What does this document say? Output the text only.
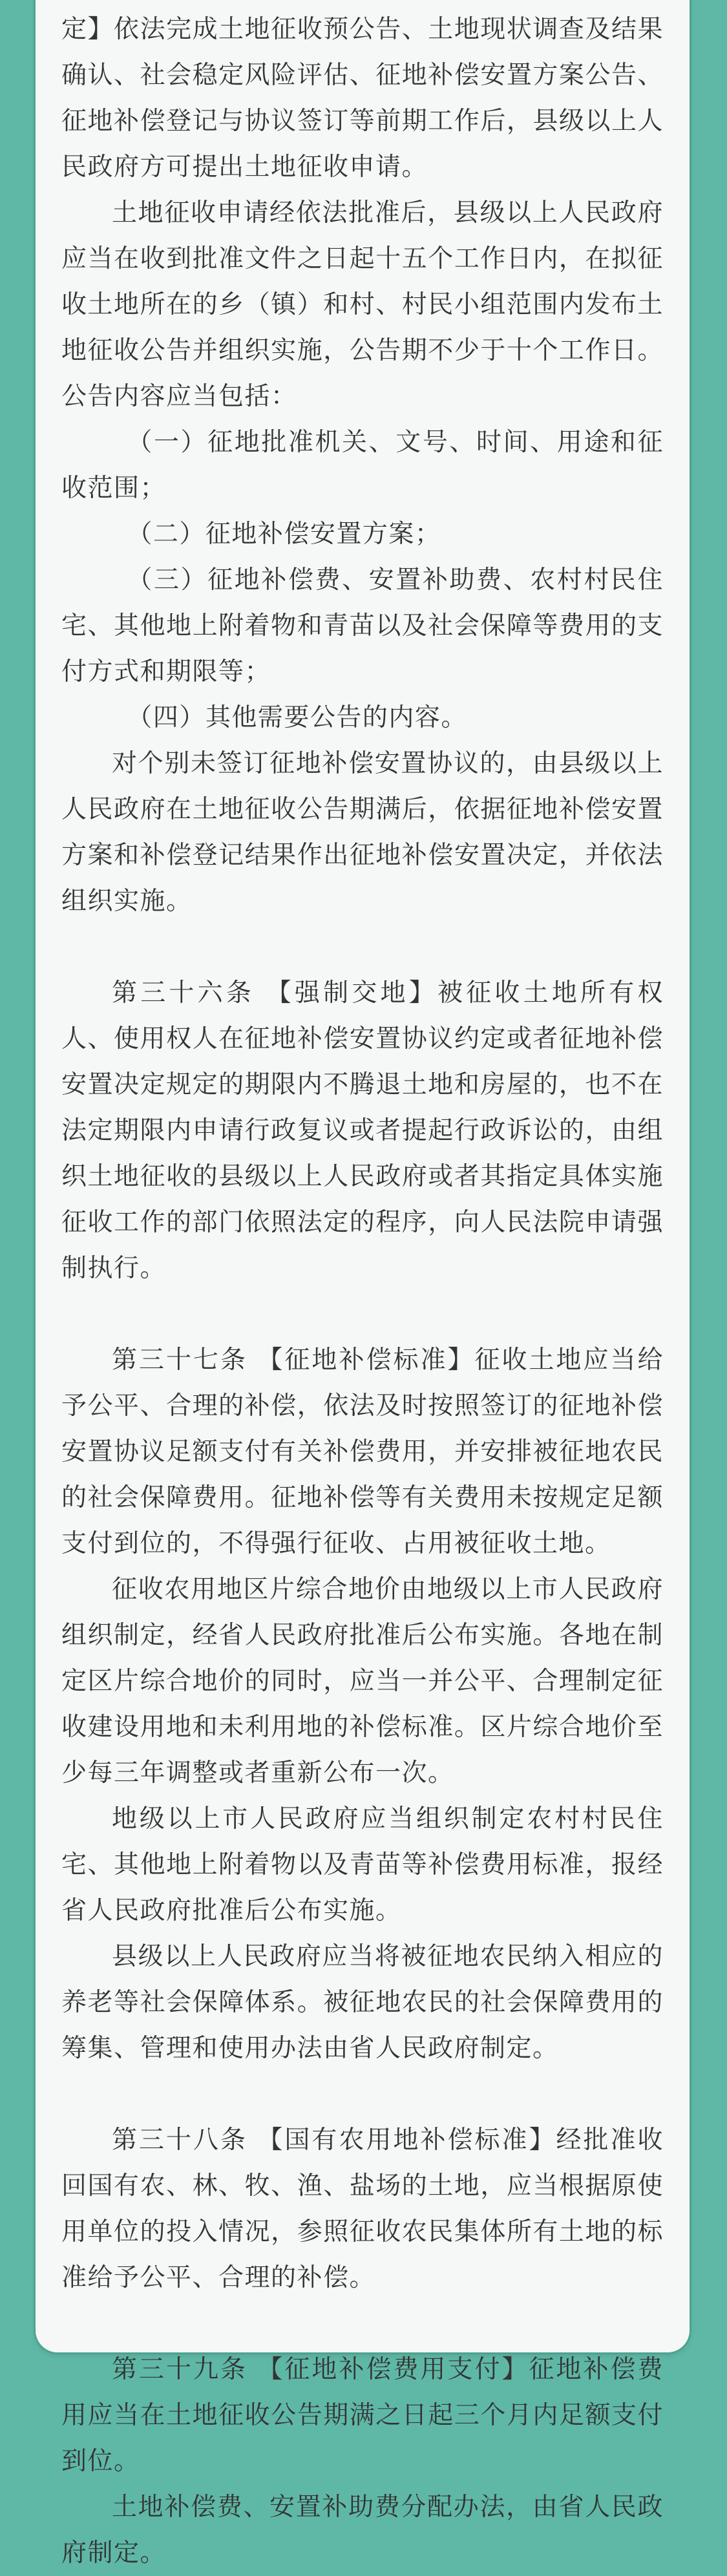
定】依法完成土地征收预公告、土地现状调查及结果确认、社会稳定风险评估、征地补偿安置方案公告、征地补偿登记与协议签订等前期工作后，县级以上人民政府方可提出土地征收申请。

土地征收申请经依法批准后，县级以上人民政府应当在收到批准文件之日起十五个工作日内，在拟征收土地所在的乡（镇）和村、村民小组范围内发布土地征收公告并组织实施，公告期不少于十个工作日。公告内容应当包括：

（一）征地批准机关、文号、时间、用途和征收范围；

（二）征地补偿安置方案；

（三）征地补偿费、安置补助费、农村村民住宅、其他地上附着物和青苗以及社会保障等费用的支付方式和期限等；

（四）其他需要公告的内容。

对个别未签订征地补偿安置协议的，由县级以上人民政府在土地征收公告期满后，依据征地补偿安置方案和补偿登记结果作出征地补偿安置决定，并依法组织实施。

第三十六条 【强制交地】被征收土地所有权人、使用权人在征地补偿安置协议约定或者征地补偿安置决定规定的期限内不腾退土地和房屋的，也不在法定期限内申请行政复议或者提起行政诉讼的，由组织土地征收的县级以上人民政府或者其指定具体实施征收工作的部门依照法定的程序，向人民法院申请强制执行。

第三十七条 【征地补偿标准】征收土地应当给予公平、合理的补偿，依法及时按照签订的征地补偿安置协议足额支付有关补偿费用，并安排被征地农民的社会保障费用。征地补偿等有关费用未按规定足额支付到位的，不得强行征收、占用被征收土地。

征收农用地区片综合地价由地级以上市人民政府组织制定，经省人民政府批准后公布实施。各地在制定区片综合地价的同时，应当一并公平、合理制定征收建设用地和未利用地的补偿标准。区片综合地价至少每三年调整或者重新公布一次。

地级以上市人民政府应当组织制定农村村民住宅、其他地上附着物以及青苗等补偿费用标准，报经省人民政府批准后公布实施。

县级以上人民政府应当将被征地农民纳入相应的养老等社会保障体系。被征地农民的社会保障费用的筹集、管理和使用办法由省人民政府制定。

第三十八条 【国有农用地补偿标准】经批准收回国有农、林、牧、渔、盐场的土地，应当根据原使用单位的投入情况，参照征收农民集体所有土地的标准给予公平、合理的补偿。

第三十九条 【征地补偿费用支付】征地补偿费用应当在土地征收公告期满之日起三个月内足额支付到位。

土地补偿费、安置补助费分配办法，由省人民政府制定。
